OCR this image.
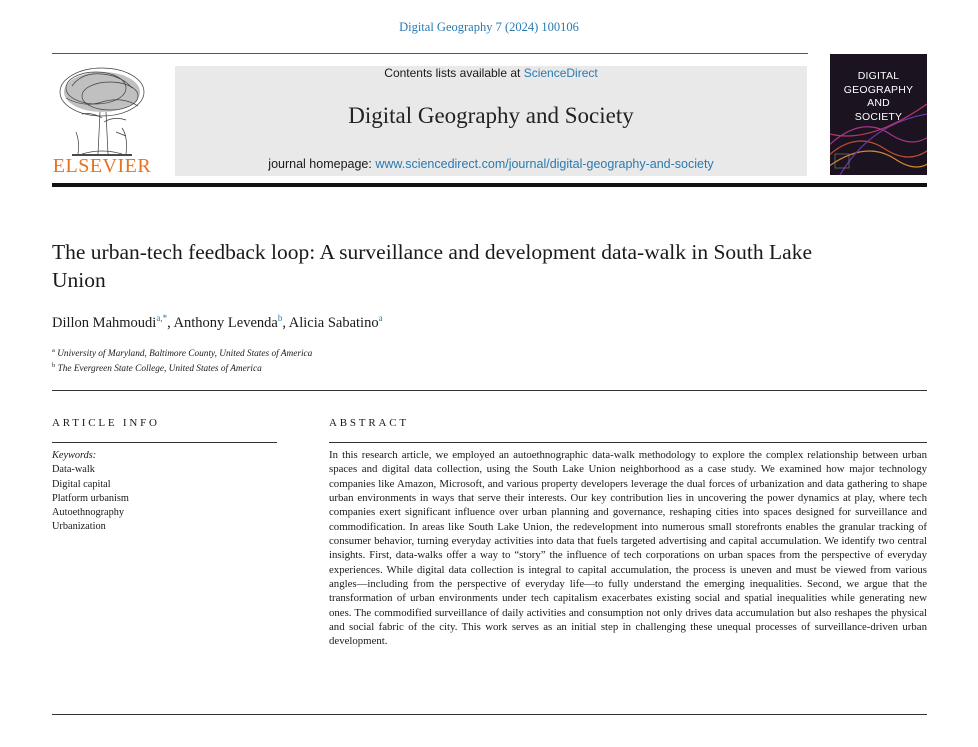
Digital Geography 7 (2024) 100106
ELSEVIER
Contents lists available at ScienceDirect
Digital Geography and Society
journal homepage: www.sciencedirect.com/journal/digital-geography-and-society
DIGITAL
GEOGRAPHY
AND
SOCIETY
The urban-tech feedback loop: A surveillance and development data-walk in South Lake Union
Dillon Mahmoudi$^{a,*}$, Anthony Levenda$^b$, Alicia Sabatino$^a$
$^a$ University of Maryland, Baltimore County, United States of America
$^b$ The Evergreen State College, United States of America
ARTICLE INFO	ABSTRACT
Keywords:
Data-walk
Digital capital
Platform urbanism
Autoethnography
Urbanization
In this research article, we employed an autoethnographic data-walk methodology to explore the complex relationship between urban spaces and digital data collection, using the South Lake Union neighborhood as a case study. We examined how major technology companies like Amazon, Microsoft, and various property developers leverage the dual forces of urbanization and data gathering to shape urban environments in ways that serve their interests. Our key contribution lies in uncovering the power dynamics at play, where tech companies exert significant influence over urban planning and governance, reshaping cities into spaces designed for surveillance and commodification. In areas like South Lake Union, the redevelopment into numerous small storefronts enables the granular tracking of consumer behavior, turning everyday activities into data that fuels targeted advertising and capital accumulation. We identify two central insights. First, data-walks offer a way to “story” the influence of tech corporations on urban spaces from the perspective of everyday experiences. While digital data collection is integral to capital accumulation, the process is uneven and must be viewed from various angles—including from the perspective of everyday life—to fully understand the emerging inequalities. Second, we argue that the transformation of urban environments under tech capitalism exacerbates existing social and spatial inequalities while generating new ones. The commodified surveillance of daily activities and consumption not only drives data accumulation but also reshapes the physical and social fabric of the city. This work serves as an initial step in challenging these unequal processes of surveillance-driven urban development.
